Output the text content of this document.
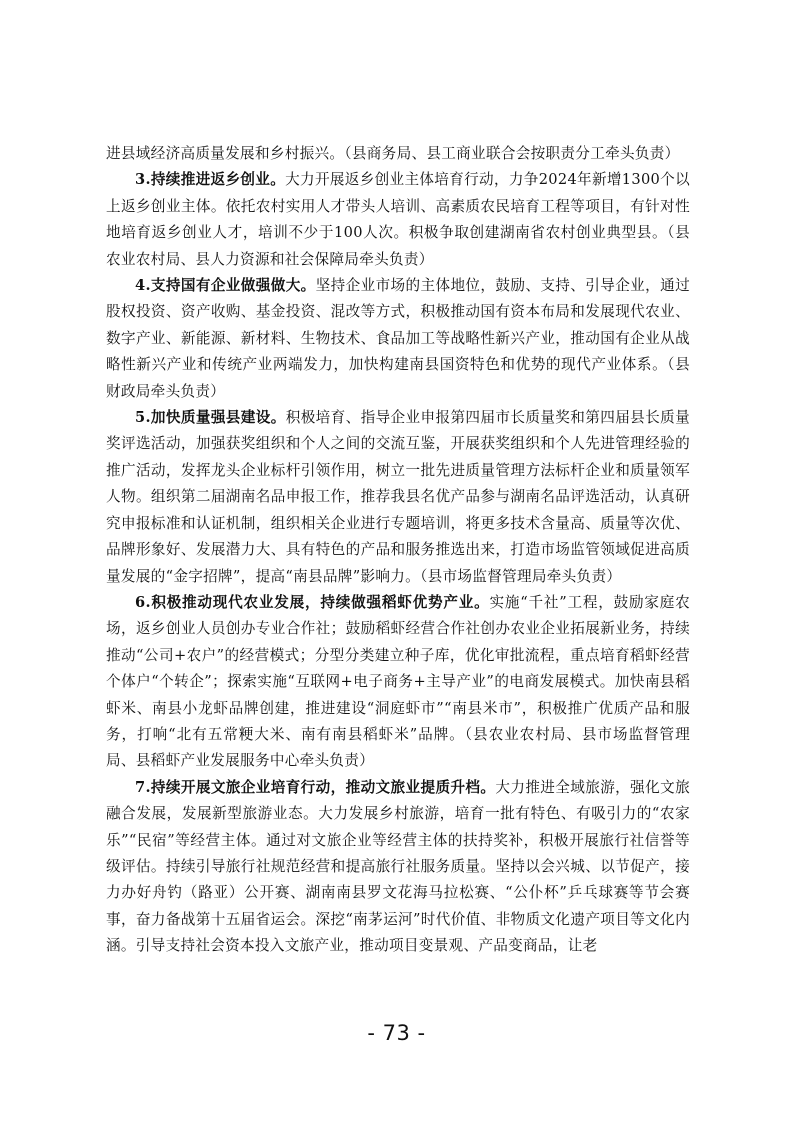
进县域经济高质量发展和乡村振兴。（县商务局、县工商业联合会按职责分工牵头负责）

3.持续推进返乡创业。大力开展返乡创业主体培育行动，力争2024年新增1300个以上返乡创业主体。依托农村实用人才带头人培训、高素质农民培育工程等项目，有针对性地培育返乡创业人才，培训不少于100人次。积极争取创建湖南省农村创业典型县。（县农业农村局、县人力资源和社会保障局牵头负责）

4.支持国有企业做强做大。坚持企业市场的主体地位，鼓励、支持、引导企业，通过股权投资、资产收购、基金投资、混改等方式，积极推动国有资本布局和发展现代农业、数字产业、新能源、新材料、生物技术、食品加工等战略性新兴产业，推动国有企业从战略性新兴产业和传统产业两端发力，加快构建南县国资特色和优势的现代产业体系。（县财政局牵头负责）

5.加快质量强县建设。积极培育、指导企业申报第四届市长质量奖和第四届县长质量奖评选活动，加强获奖组织和个人之间的交流互鉴，开展获奖组织和个人先进管理经验的推广活动，发挥龙头企业标杆引领作用，树立一批先进质量管理方法标杆企业和质量领军人物。组织第二届湖南名品申报工作，推荐我县名优产品参与湖南名品评选活动，认真研究申报标准和认证机制，组织相关企业进行专题培训，将更多技术含量高、质量等次优、品牌形象好、发展潜力大、具有特色的产品和服务推选出来，打造市场监管领域促进高质量发展的“金字招牌”，提高“南县品牌”影响力。（县市场监督管理局牵头负责）

6.积极推动现代农业发展，持续做强稻虾优势产业。实施“千社”工程，鼓励家庭农场，返乡创业人员创办专业合作社；鼓励稻虾经营合作社创办农业企业拓展新业务，持续推动“公司+农户”的经营模式；分型分类建立种子库，优化审批流程，重点培育稻虾经营个体户“个转企”；探索实施“互联网+电子商务+主导产业”的电商发展模式。加快南县稻虾米、南县小龙虾品牌创建，推进建设“洞庭虾市”“南县米市”，积极推广优质产品和服务，打响“北有五常粳大米、南有南县稻虾米”品牌。（县农业农村局、县市场监督管理局、县稻虾产业发展服务中心牵头负责）

7.持续开展文旅企业培育行动，推动文旅业提质升档。大力推进全域旅游，强化文旅融合发展，发展新型旅游业态。大力发展乡村旅游，培育一批有特色、有吸引力的“农家乐”“民宿”等经营主体。通过对文旅企业等经营主体的扶持奖补，积极开展旅行社信誉等级评估。持续引导旅行社规范经营和提高旅行社服务质量。坚持以会兴城、以节促产，接力办好舟钓（路亚）公开赛、湖南南县罗文花海马拉松赛、“公仆杯”乒乓球赛等节会赛事，奋力备战第十五届省运会。深挖“南茅运河”时代价值、非物质文化遗产项目等文化内涵。引导支持社会资本投入文旅产业，推动项目变景观、产品变商品，让老

- 73 -
